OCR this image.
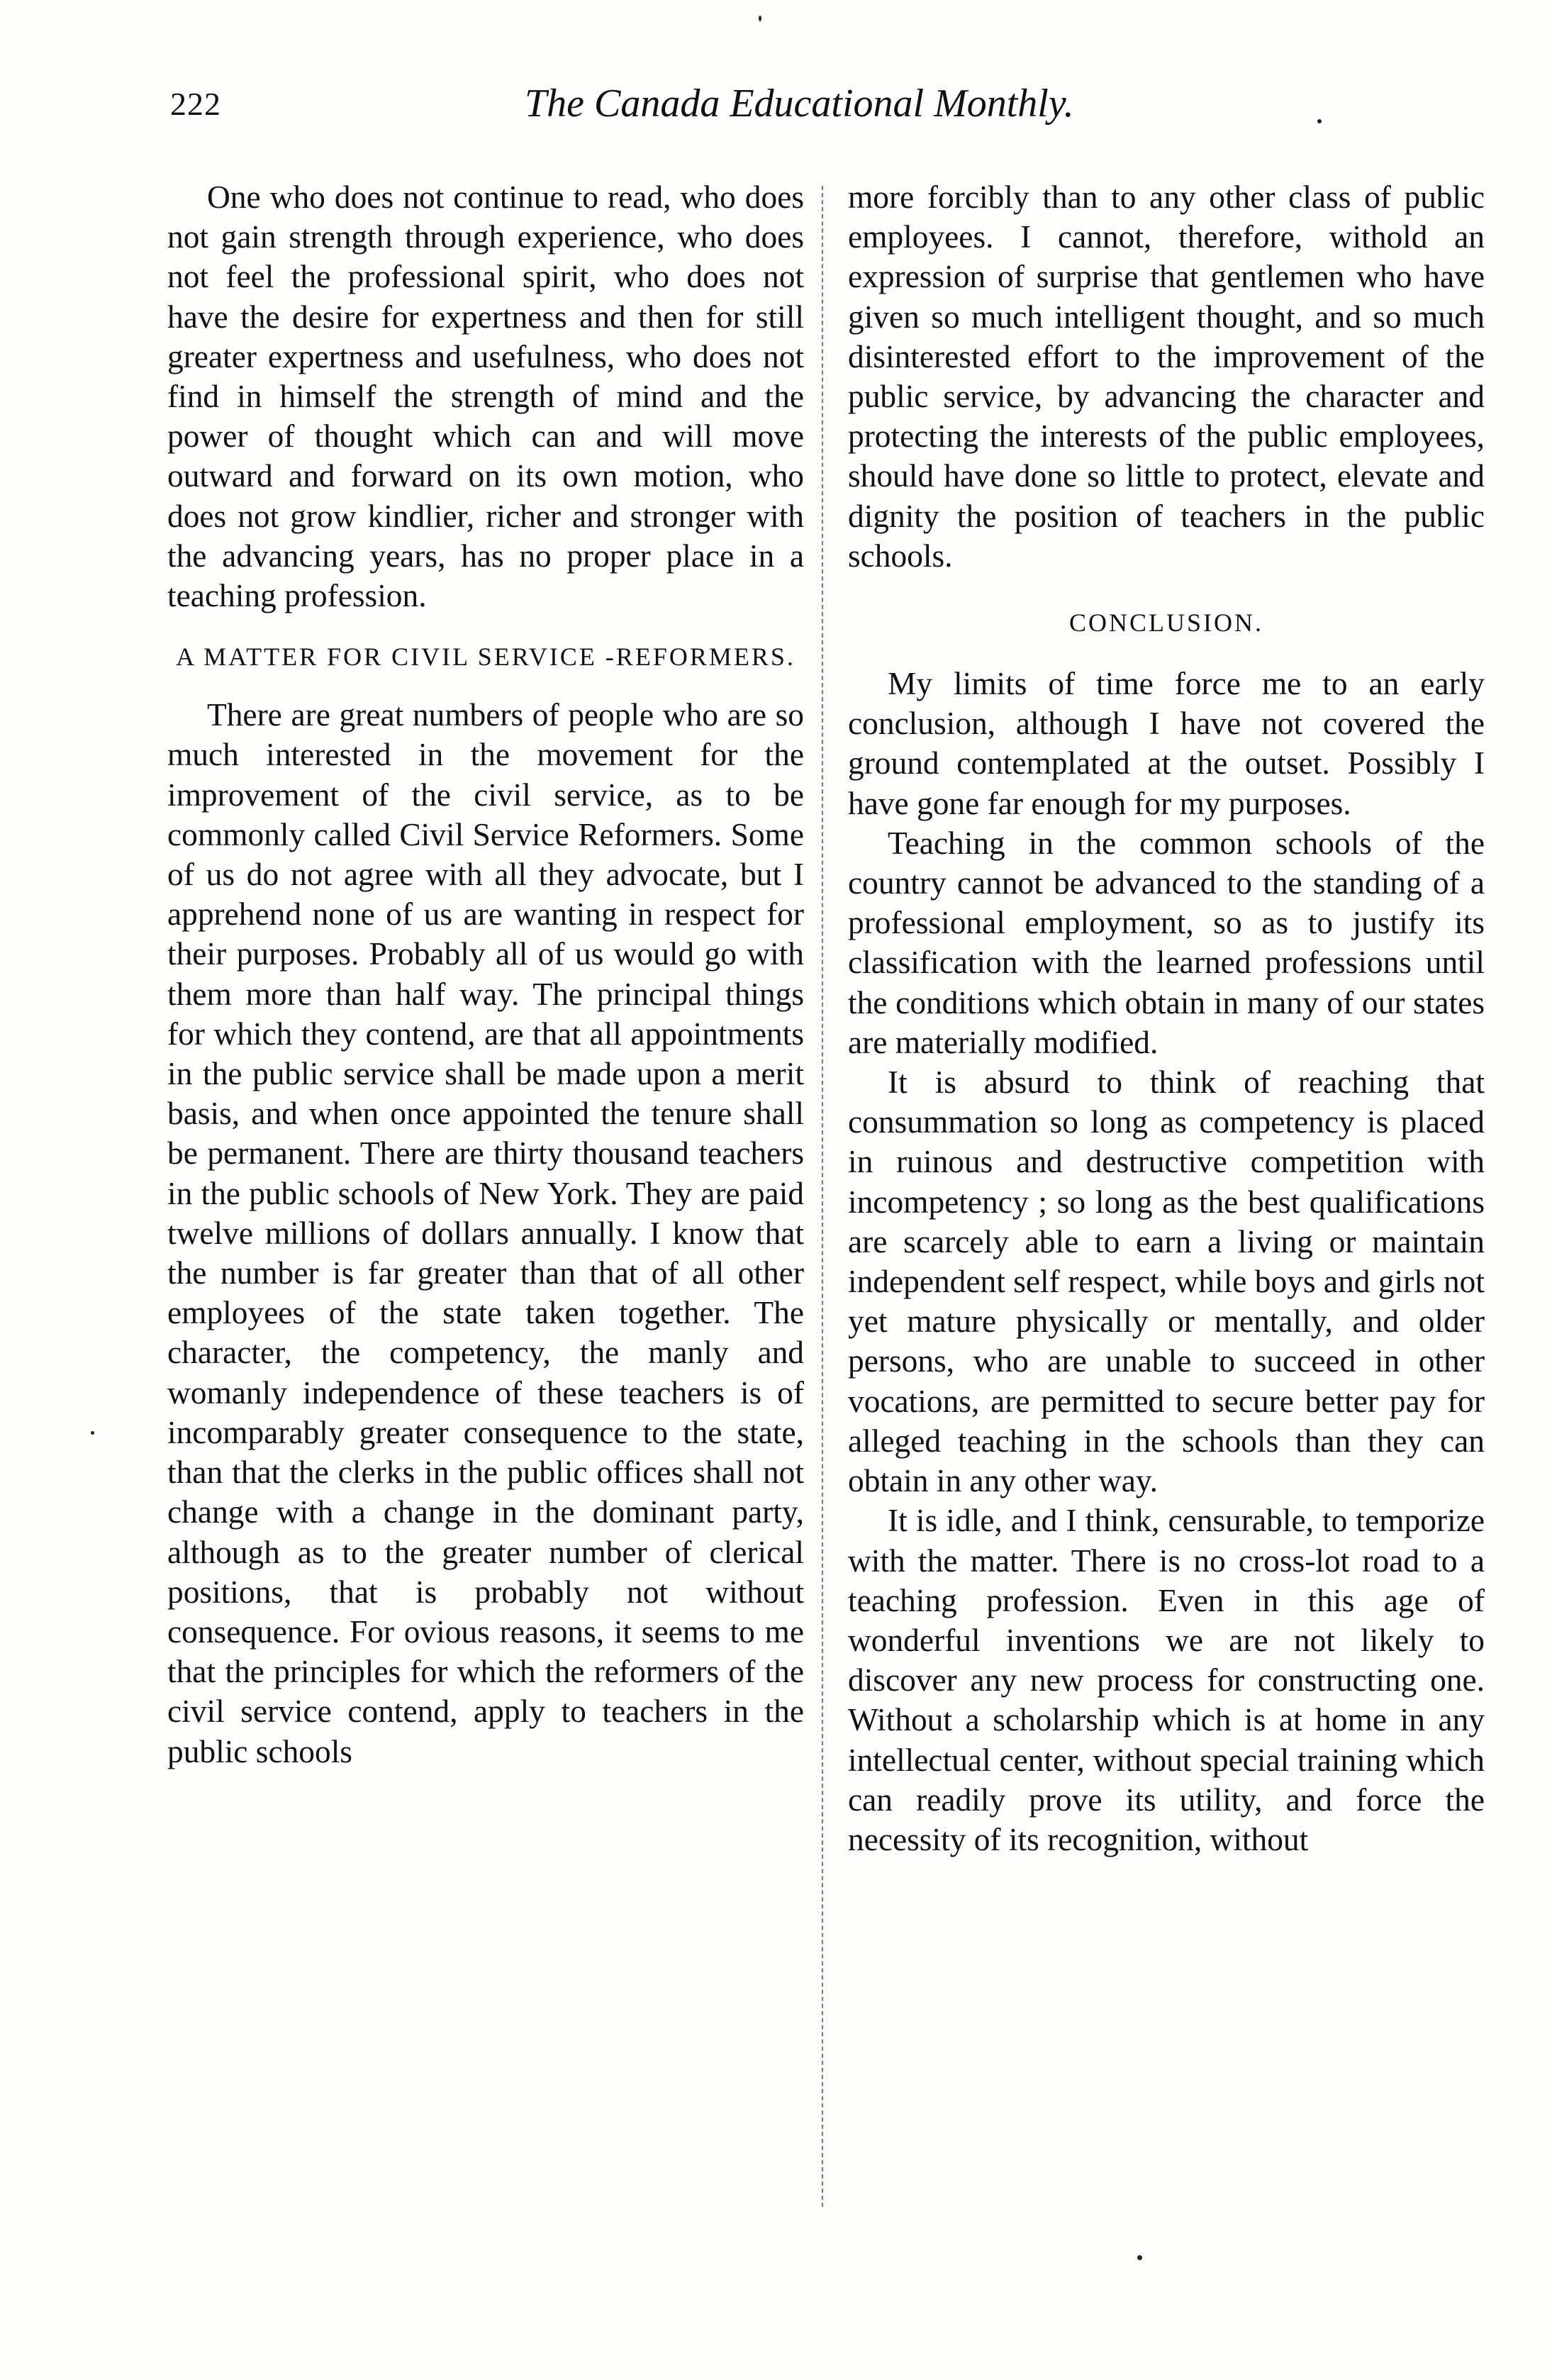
222	The Canada Educational Monthly.

One who does not continue to read, who does not gain strength through experience, who does not feel the professional spirit, who does not have the desire for expertness and then for still greater expertness and usefulness, who does not find in himself the strength of mind and the power of thought which can and will move outward and forward on its own motion, who does not grow kindlier, richer and stronger with the advancing years, has no proper place in a teaching profession.

A MATTER FOR CIVIL SERVICE -REFORMERS.

There are great numbers of people who are so much interested in the movement for the improvement of the civil service, as to be commonly called Civil Service Reformers. Some of us do not agree with all they advocate, but I apprehend none of us are wanting in respect for their purposes. Probably all of us would go with them more than half way. The principal things for which they contend, are that all appointments in the public service shall be made upon a merit basis, and when once appointed the tenure shall be permanent. There are thirty thousand teachers in the public schools of New York. They are paid twelve millions of dollars annually. I know that the number is far greater than that of all other employees of the state taken together. The character, the competency, the manly and womanly independence of these teachers is of incomparably greater consequence to the state, than that the clerks in the public offices shall not change with a change in the dominant party, although as to the greater number of clerical positions, that is probably not without consequence. For ovious reasons, it seems to me that the principles for which the reformers of the civil service contend, apply to teachers in the public schools

more forcibly than to any other class of public employees. I cannot, therefore, withold an expression of surprise that gentlemen who have given so much intelligent thought, and so much disinterested effort to the improvement of the public service, by advancing the character and protecting the interests of the public employees, should have done so little to protect, elevate and dignity the position of teachers in the public schools.

CONCLUSION.

My limits of time force me to an early conclusion, although I have not covered the ground contemplated at the outset. Possibly I have gone far enough for my purposes.

Teaching in the common schools of the country cannot be advanced to the standing of a professional employment, so as to justify its classification with the learned professions until the conditions which obtain in many of our states are materially modified.

It is absurd to think of reaching that consummation so long as competency is placed in ruinous and destructive competition with incompetency ; so long as the best qualifications are scarcely able to earn a living or maintain independent self respect, while boys and girls not yet mature physically or mentally, and older persons, who are unable to succeed in other vocations, are permitted to secure better pay for alleged teaching in the schools than they can obtain in any other way.

It is idle, and I think, censurable, to temporize with the matter. There is no cross-lot road to a teaching profession. Even in this age of wonderful inventions we are not likely to discover any new process for constructing one. Without a scholarship which is at home in any intellectual center, without special training which can readily prove its utility, and force the necessity of its recognition, without
